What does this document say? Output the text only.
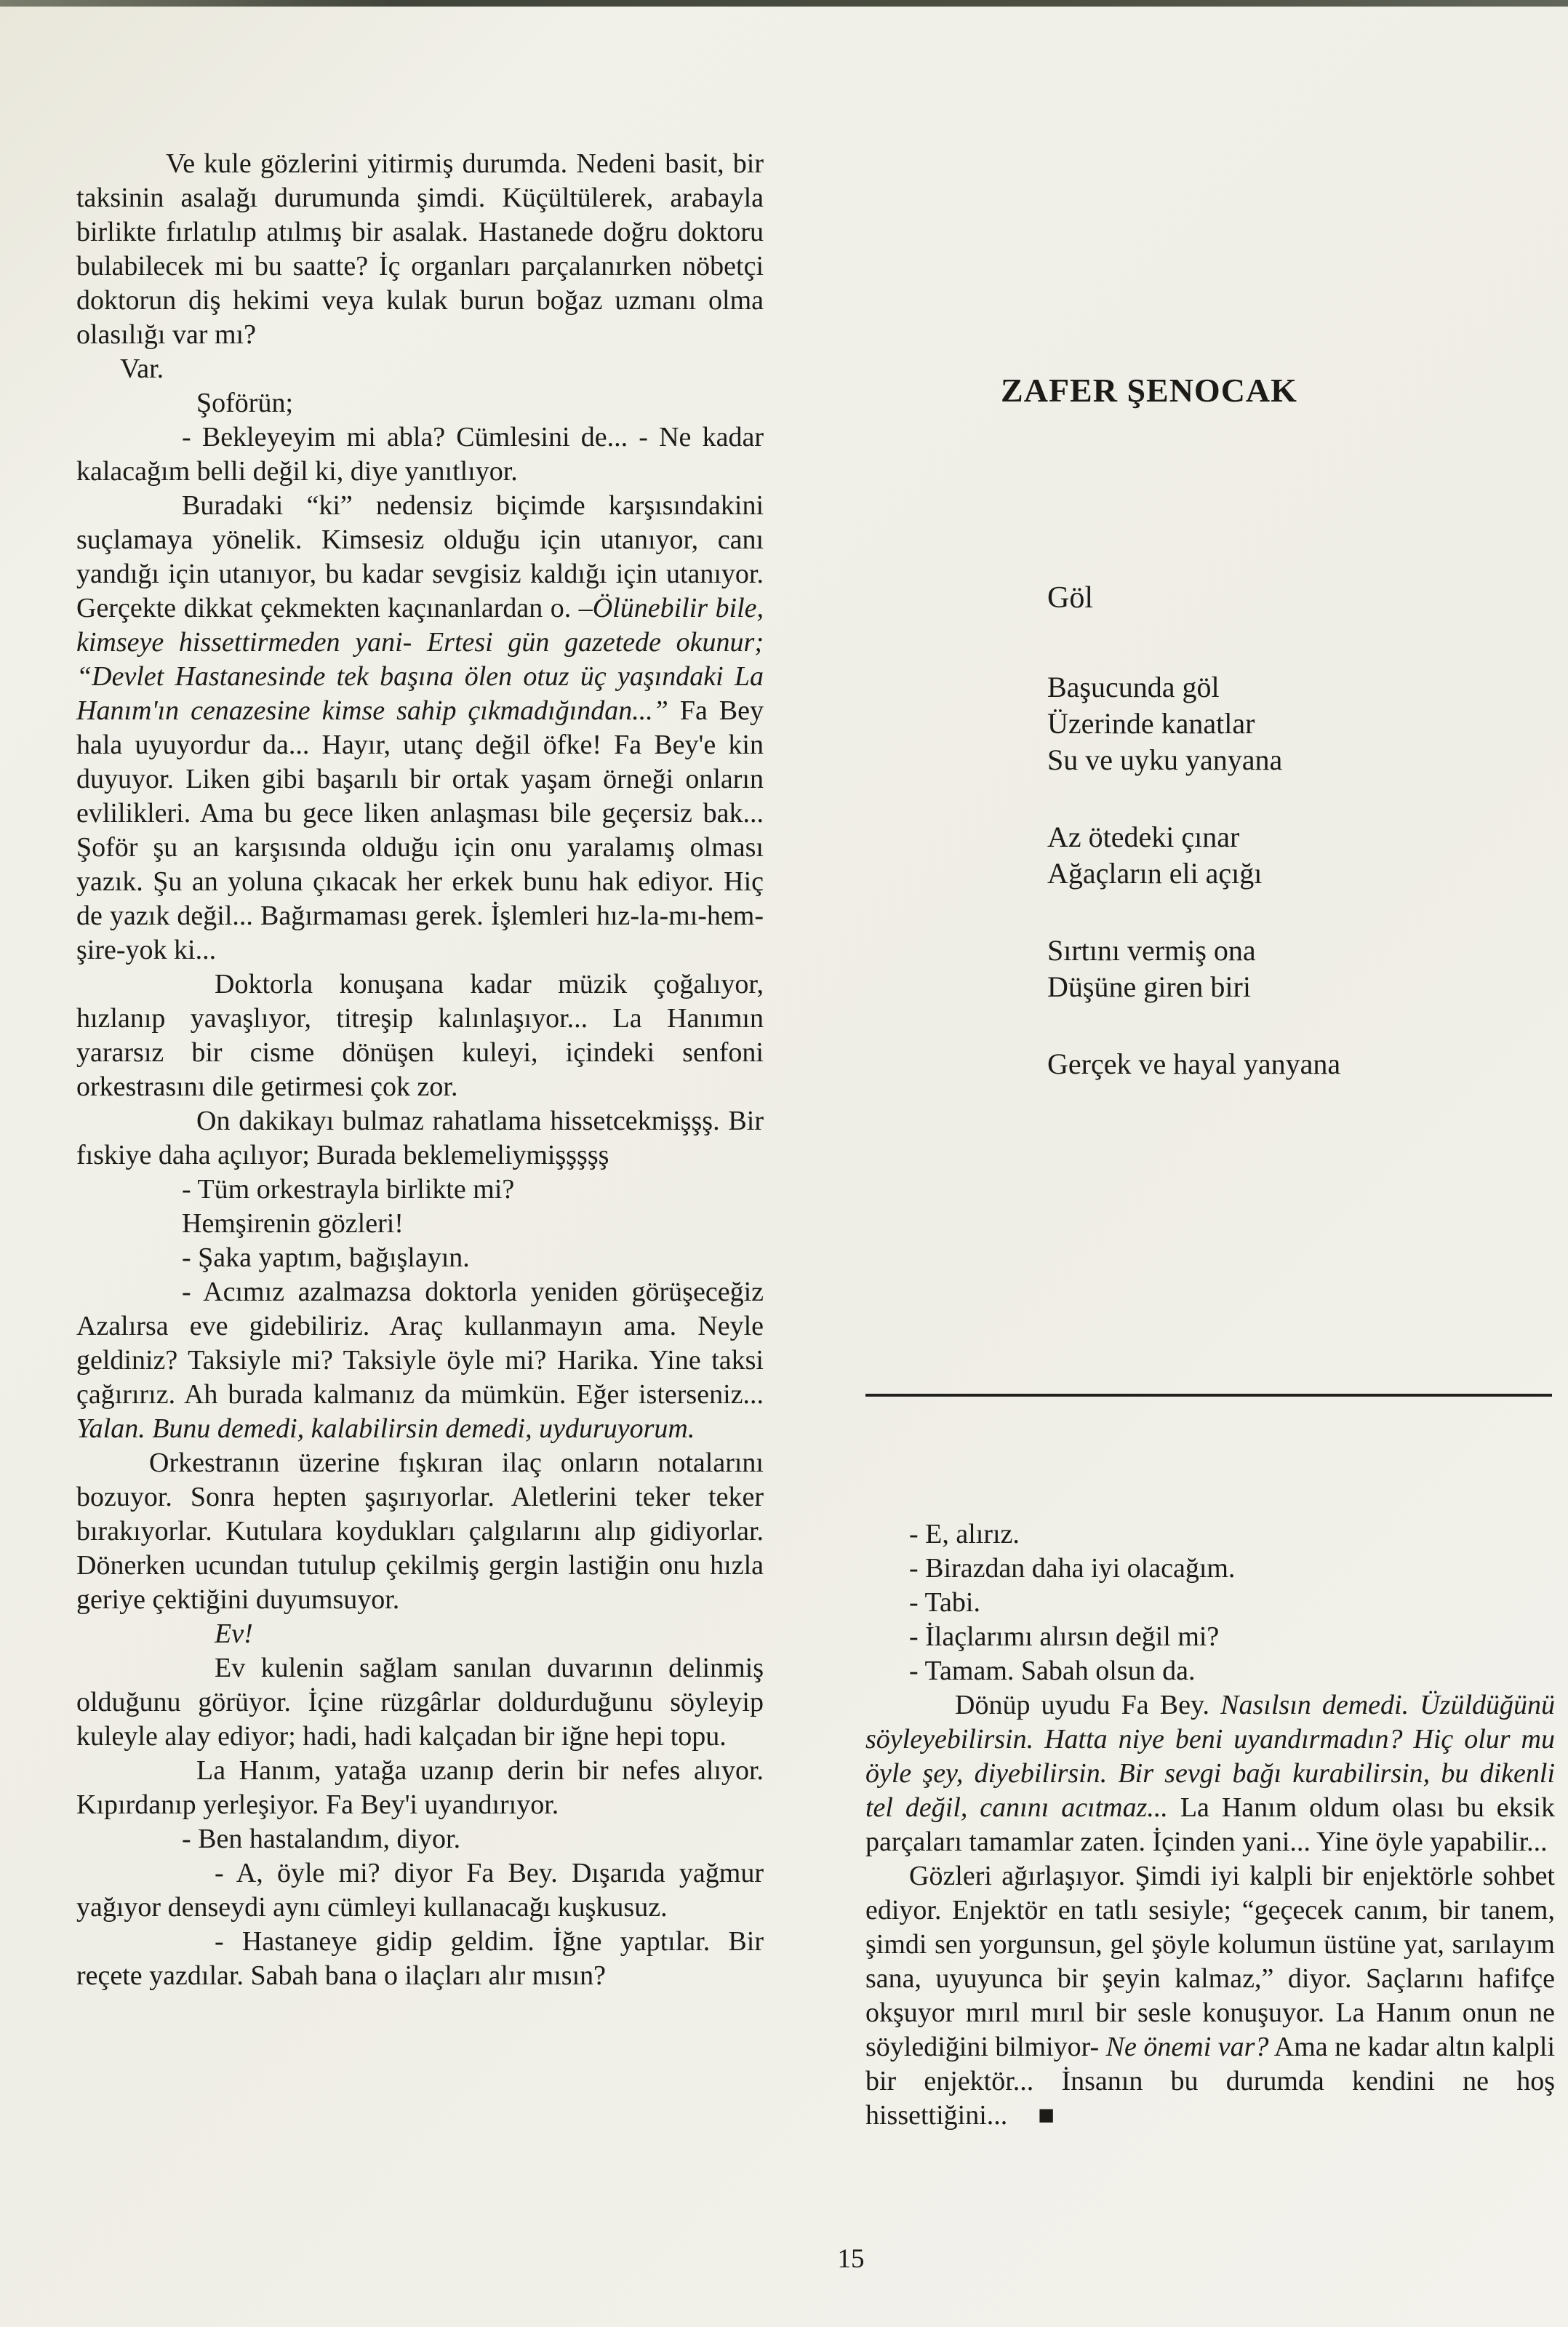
Ve kule gözlerini yitirmiş durumda. Nedeni basit, bir taksinin asalağı durumunda şimdi. Küçültülerek, arabayla birlikte fırlatılıp atılmış bir asalak. Hastanede doğru doktoru bulabilecek mi bu saatte? İç organları parçalanırken nöbetçi doktorun diş hekimi veya kulak burun boğaz uzmanı olma olasılığı var mı?

Var.

Şoförün;

- Bekleyeyim mi abla? Cümlesini de... - Ne kadar kalacağım belli değil ki, diye yanıtlıyor.

Buradaki “ki” nedensiz biçimde karşısındakini suçlamaya yönelik. Kimsesiz olduğu için utanıyor, canı yandığı için utanıyor, bu kadar sevgisiz kaldığı için utanıyor. Gerçekte dikkat çekmekten kaçınanlardan o. –Ölünebilir bile, kimseye hissettirmeden yani- Ertesi gün gazetede okunur; “Devlet Hastanesinde tek başına ölen otuz üç yaşındaki La Hanım'ın cenazesine kimse sahip çıkmadığından...” Fa Bey hala uyuyordur da... Hayır, utanç değil öfke! Fa Bey'e kin duyuyor. Liken gibi başarılı bir ortak yaşam örneği onların evlilikleri. Ama bu gece liken anlaşması bile geçersiz bak... Şoför şu an karşısında olduğu için onu yaralamış olması yazık. Şu an yoluna çıkacak her erkek bunu hak ediyor. Hiç de yazık değil... Bağırmaması gerek. İşlemleri hız-la-mı-hem-şire-yok ki...

Doktorla konuşana kadar müzik çoğalıyor, hızlanıp yavaşlıyor, titreşip kalınlaşıyor... La Hanımın yararsız bir cisme dönüşen kuleyi, içindeki senfoni orkestrasını dile getirmesi çok zor.

On dakikayı bulmaz rahatlama hissetcekmişşş. Bir fıskiye daha açılıyor; Burada beklemeliymişşşşş

- Tüm orkestrayla birlikte mi?

Hemşirenin gözleri!

- Şaka yaptım, bağışlayın.

- Acımız azalmazsa doktorla yeniden görüşeceğiz Azalırsa eve gidebiliriz. Araç kullanmayın ama. Neyle geldiniz? Taksiyle mi? Taksiyle öyle mi? Harika. Yine taksi çağırırız. Ah burada kalmanız da mümkün. Eğer isterseniz... Yalan. Bunu demedi, kalabilirsin demedi, uyduruyorum.

Orkestranın üzerine fışkıran ilaç onların notalarını bozuyor. Sonra hepten şaşırıyorlar. Aletlerini teker teker bırakıyorlar. Kutulara koydukları çalgılarını alıp gidiyorlar. Dönerken ucundan tutulup çekilmiş gergin lastiğin onu hızla geriye çektiğini duyumsuyor.

Ev!

Ev kulenin sağlam sanılan duvarının delinmiş olduğunu görüyor. İçine rüzgârlar doldurduğunu söyleyip kuleyle alay ediyor; hadi, hadi kalçadan bir iğne hepi topu.

La Hanım, yatağa uzanıp derin bir nefes alıyor. Kıpırdanıp yerleşiyor. Fa Bey'i uyandırıyor.

- Ben hastalandım, diyor.

- A, öyle mi? diyor Fa Bey. Dışarıda yağmur yağıyor denseydi aynı cümleyi kullanacağı kuşkusuz.

- Hastaneye gidip geldim. İğne yaptılar. Bir reçete yazdılar. Sabah bana o ilaçları alır mısın?

ZAFER ŞENOCAK
Göl
Başucunda göl
Üzerinde kanatlar
Su ve uyku yanyana
Az ötedeki çınar
Ağaçların eli açığı
Sırtını vermiş ona
Düşüne giren biri
Gerçek ve hayal yanyana

- E, alırız.

- Birazdan daha iyi olacağım.

- Tabi.

- İlaçlarımı alırsın değil mi?

- Tamam. Sabah olsun da.

Dönüp uyudu Fa Bey. Nasılsın demedi. Üzüldüğünü söyleyebilirsin. Hatta niye beni uyandırmadın? Hiç olur mu öyle şey, diyebilirsin. Bir sevgi bağı kurabilirsin, bu dikenli tel değil, canını acıtmaz... La Hanım oldum olası bu eksik parçaları tamamlar zaten. İçinden yani... Yine öyle yapabilir...

Gözleri ağırlaşıyor. Şimdi iyi kalpli bir enjektörle sohbet ediyor. Enjektör en tatlı sesiyle; “geçecek canım, bir tanem, şimdi sen yorgunsun, gel şöyle kolumun üstüne yat, sarılayım sana, uyuyunca bir şeyin kalmaz,” diyor. Saçlarını hafifçe okşuyor mırıl mırıl bir sesle konuşuyor. La Hanım onun ne söylediğini bilmiyor- Ne önemi var? Ama ne kadar altın kalpli bir enjektör... İnsanın bu durumda kendini ne hoş hissettiğini... ■

15
